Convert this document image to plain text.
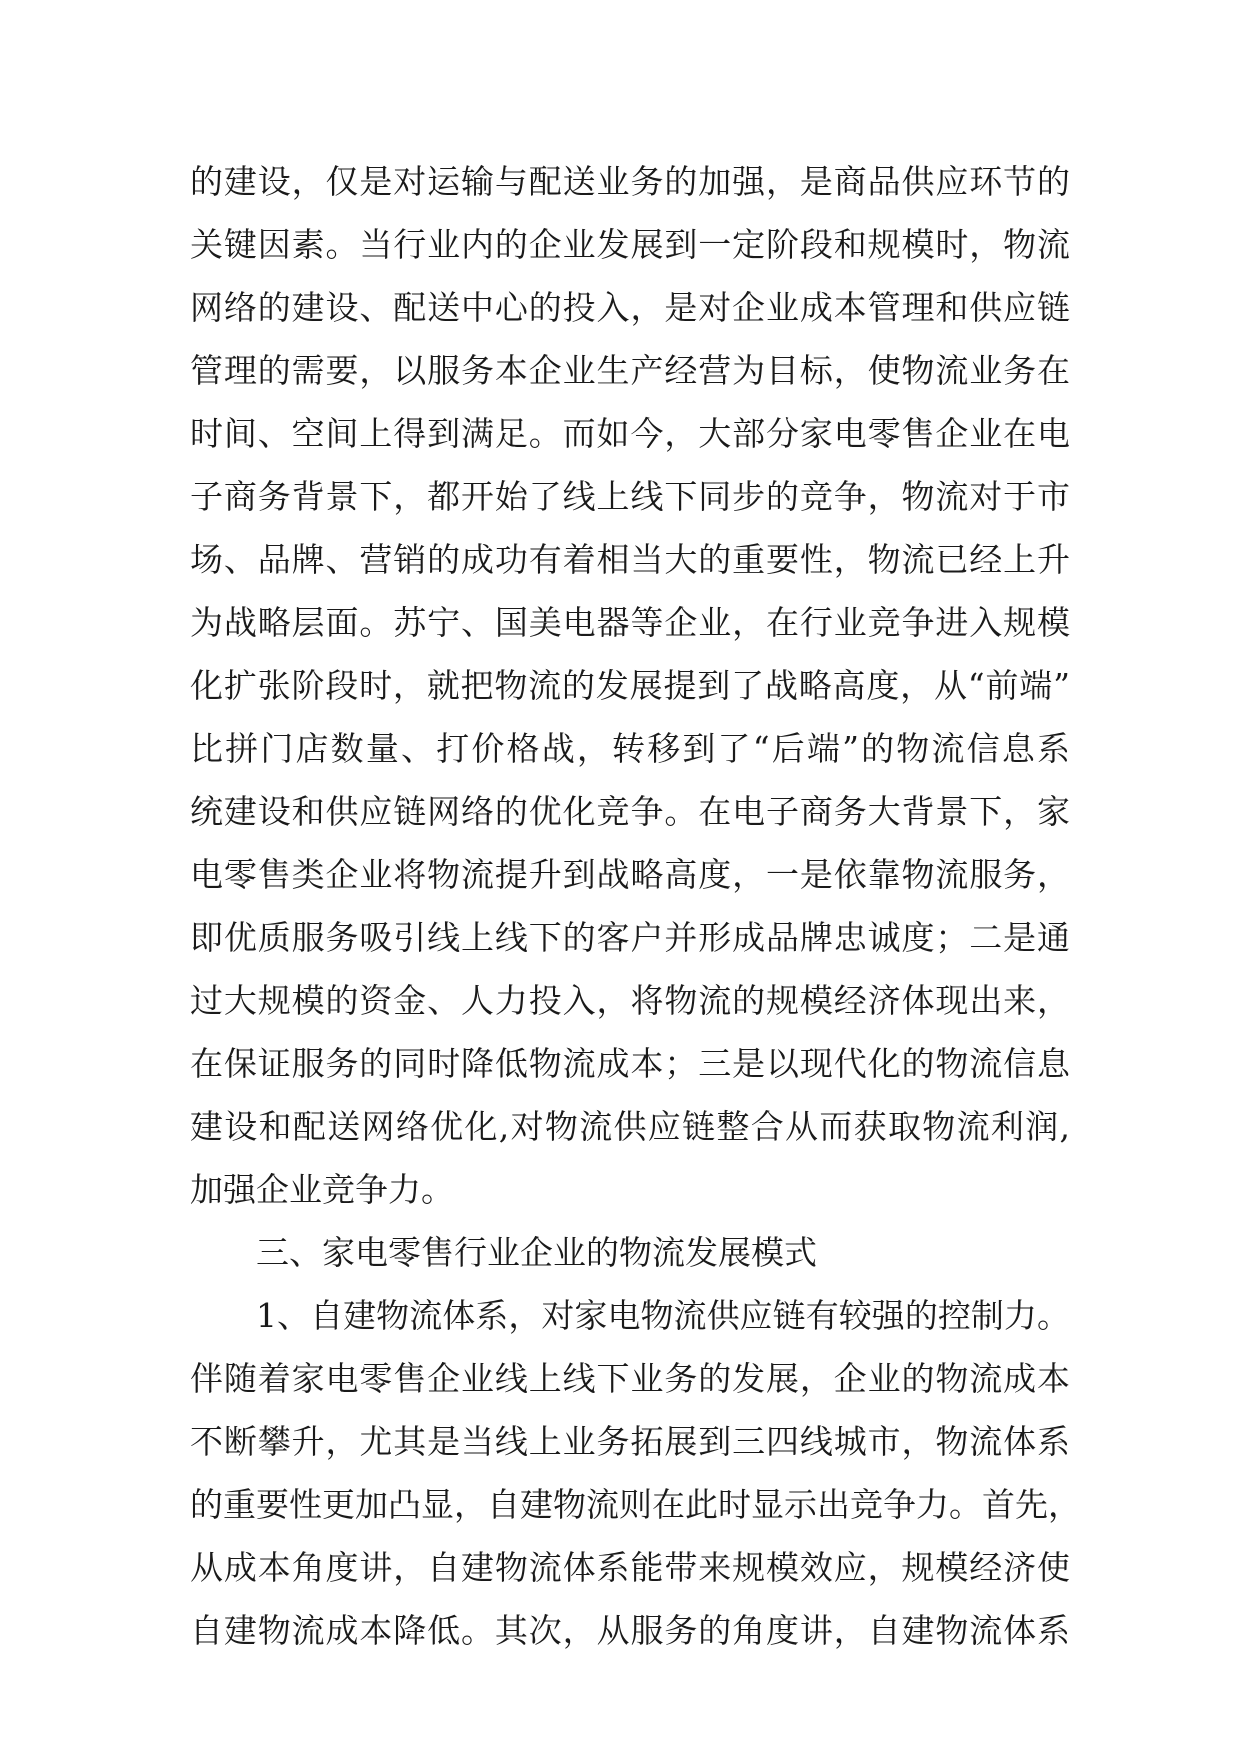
的建设，仅是对运输与配送业务的加强，是商品供应环节的
关键因素。当行业内的企业发展到一定阶段和规模时，物流
网络的建设、配送中心的投入，是对企业成本管理和供应链
管理的需要，以服务本企业生产经营为目标，使物流业务在
时间、空间上得到满足。而如今，大部分家电零售企业在电
子商务背景下，都开始了线上线下同步的竞争，物流对于市
场、品牌、营销的成功有着相当大的重要性，物流已经上升
为战略层面。苏宁、国美电器等企业，在行业竞争进入规模
化扩张阶段时，就把物流的发展提到了战略高度，从“前端”
比拼门店数量、打价格战，转移到了“后端”的物流信息系
统建设和供应链网络的优化竞争。在电子商务大背景下，家
电零售类企业将物流提升到战略高度，一是依靠物流服务，
即优质服务吸引线上线下的客户并形成品牌忠诚度；二是通
过大规模的资金、人力投入，将物流的规模经济体现出来，
在保证服务的同时降低物流成本；三是以现代化的物流信息
建设和配送网络优化,对物流供应链整合从而获取物流利润,
加强企业竞争力。
三、家电零售行业企业的物流发展模式
1、自建物流体系，对家电物流供应链有较强的控制力。
伴随着家电零售企业线上线下业务的发展，企业的物流成本
不断攀升，尤其是当线上业务拓展到三四线城市，物流体系
的重要性更加凸显，自建物流则在此时显示出竞争力。首先，
从成本角度讲，自建物流体系能带来规模效应，规模经济使
自建物流成本降低。其次，从服务的角度讲，自建物流体系
